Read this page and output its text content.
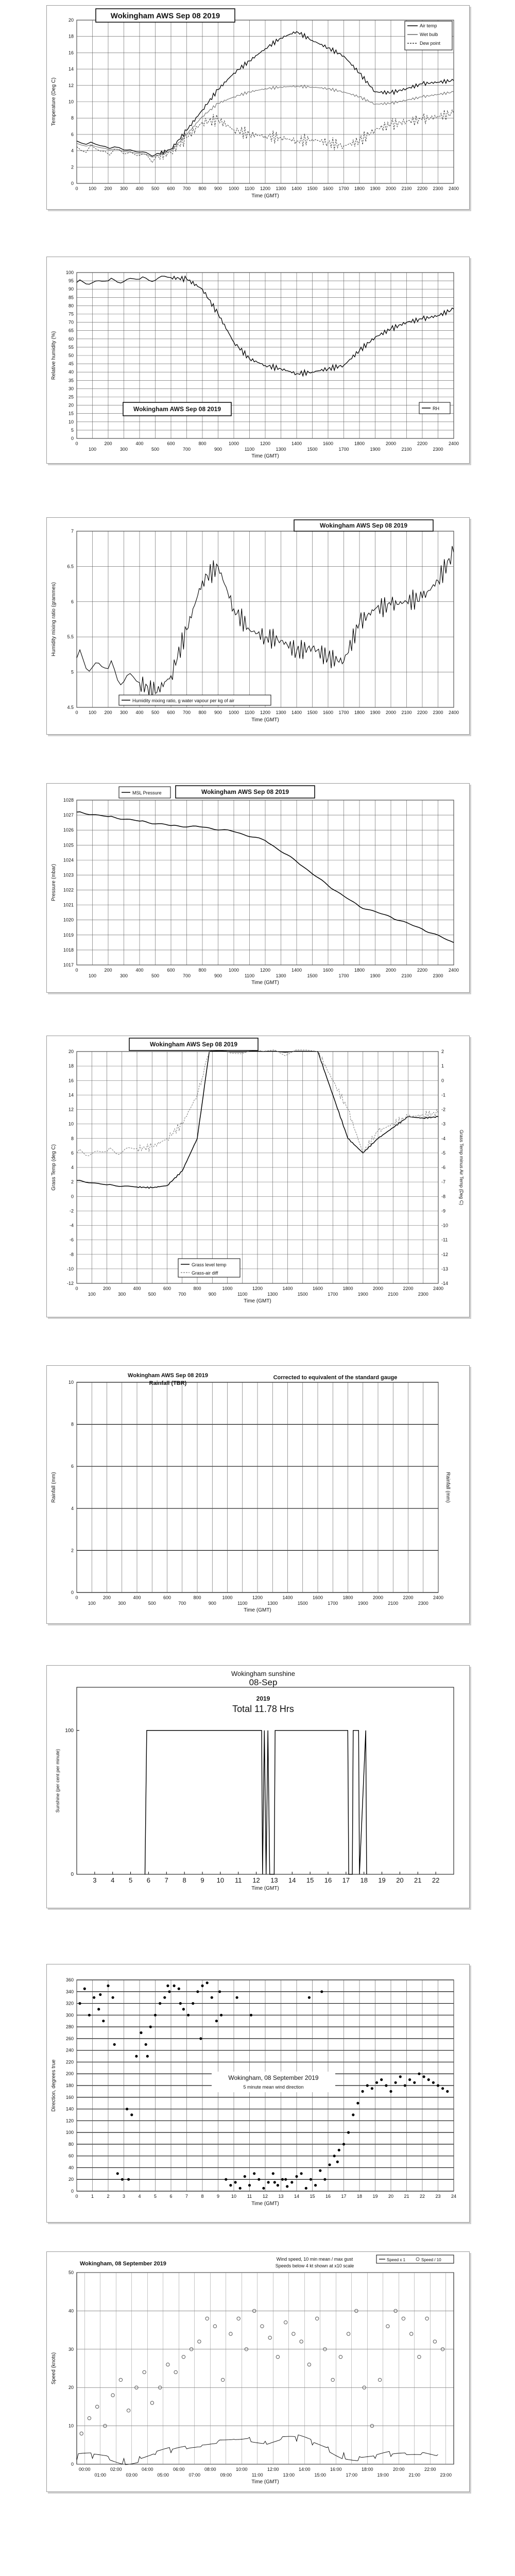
0
2
4
6
8
10
12
14
16
18
20
0 100 200 300 400 500 600 700 800 900 1000 1100 1200 1300 1400 1500 1600 1700 1800 1900 2000 2100 2200 2300 2400
Time (GMT)
Temperature (Deg C)
Wokingham AWS Sep 08 2019
Air temp
Wet bulb
Dew point
0
5
10
15
20
25
30
35
40
45
50
55
60
65
70
75
80
85
90
95
100
0
100
200
300
400
500
600
700
800
900
1000
1100
1200
1300
1400
1500
1600
1700
1800
1900
2000
2100
2200
2300
2400
Time (GMT)
Relative humidity (%)
Wokingham AWS Sep 08 2019	RH
4.5
5
5.5
6
6.5
7
0 100 200 300 400 500 600 700 800 900 1000 1100 1200 1300 1400 1500 1600 1700 1800 1900 2000 2100 2200 2300 2400
Time (GMT)
Humidity mixing ratio (grammes)
Wokingham AWS Sep 08 2019
Humidity mixing ratio, g water vapour per kg of air
1017
1018
1019
1020
1021
1022
1023
1024
1025
1026
1027
1028
0
100
200
300
400
500
600
700
800
900
1000
1100
1200
1300
1400
1500
1600
1700
1800
1900
2000
2100
2200
2300
2400
Time (GMT)
Pressure (mbar)
MSL Pressure	Wokingham AWS Sep 08 2019
-12
-10
-8
-6
-4
-2
0
2
4
6
8
10
12
14
16
18
20
0
100
200
300
400
500
600
700
800
900
1000
1100
1200
1300
1400
1500
1600
1700
1800
1900
2000
2100
2200
2300
2400
Time (GMT)
Grass Temp (deg C)
-14
-13
-12
-11
-10
-9
-8
-7
-6
-5
-4
-3
-2
-1
0
1
2
Grass Temp minus Air Temp (Deg C)
Wokingham AWS Sep 08 2019
Grass level temp
Grass-air diff
0
2
4
6
8
10
0
100
200
300
400
500
600
700
800
900
1000
1100
1200
1300
1400
1500
1600
1700
1800
1900
2000
2100
2200
2300
2400
Time (GMT)
Rainfall (mm)	Rainfall (mm)
Wokingham AWS Sep 08 2019
Rainfall (TBR)
Corrected to equivalent of the standard gauge
0
100
3 4 5 6 7 8 9 10 11 12 13 14 15 16 17 18 19 20 21 22
Time (GMT)
Sunshine (per cent per minute)
Wokingham sunshine
08-Sep
2019
Total 11.78 Hrs
0
20
40
60
80
100
120
140
160
180
200
220
240
260
280
300
320
340
360
0	1	2	3	4	5	6	7	8	9	10 11 12 13 14 15 16 17 18 19 20 21 22 23 24
Time (GMT)
Direction, degrees true	Wokingham, 08 September 2019
5 minute mean wind direction
0
10
20
30
40
50
00:00
01:00
02:00
03:00
04:00
05:00
06:00
07:00
08:00
09:00
10:00
11:00
12:00
13:00
14:00
15:00
16:00
17:00
18:00
19:00
20:00
21:00
22:00
23:00
Time (GMT)
Speed (knots)
Wokingham, 08 September 2019
Wind speed, 10 min mean / max gust
Speeds below 4 kt shown at x10 scale
Speed x 1	Speed / 10
